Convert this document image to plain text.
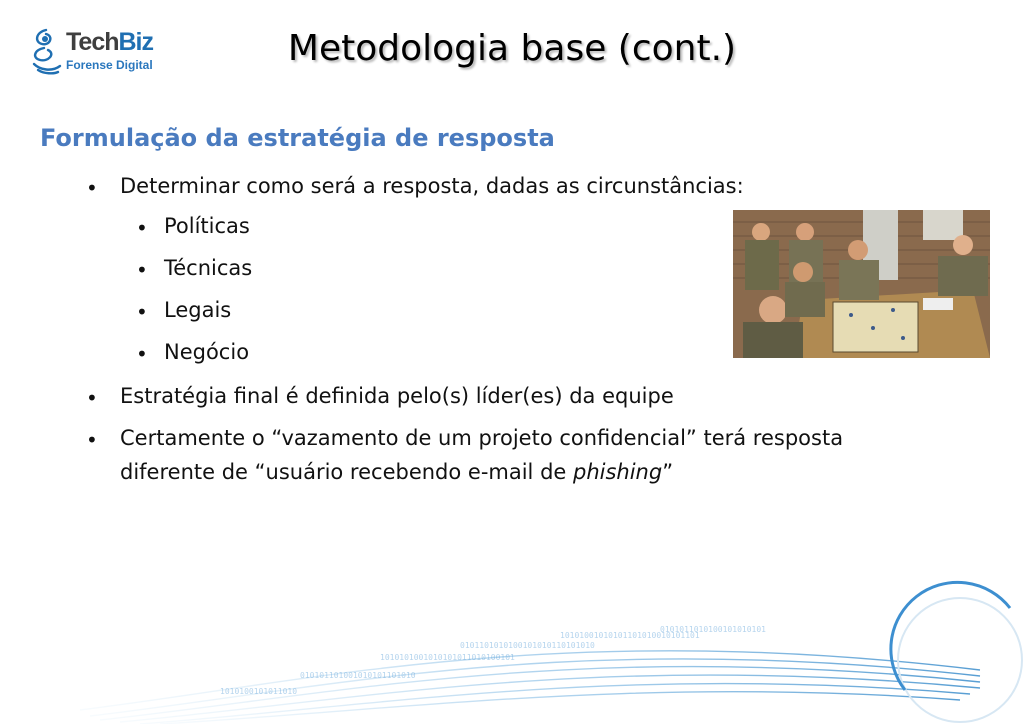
TechBiz
Forense Digital	Metodologia base (cont.)
Formulação da estratégia de resposta
• Determinar como será a resposta, dadas as circunstâncias:
• Políticas
• Técnicas
• Legais
• Negócio
• Estratégia final é definida pelo(s) líder(es) da equipe
• Certamente o “vazamento de um projeto confidencial” terá resposta
diferente de “usuário recebendo e-mail de phishing”
1010101001010101011010100101
0101101010100101010110101010
10101001010101101010010101101
0101011010100101010101
010101101001010101101010
1010100101011010
